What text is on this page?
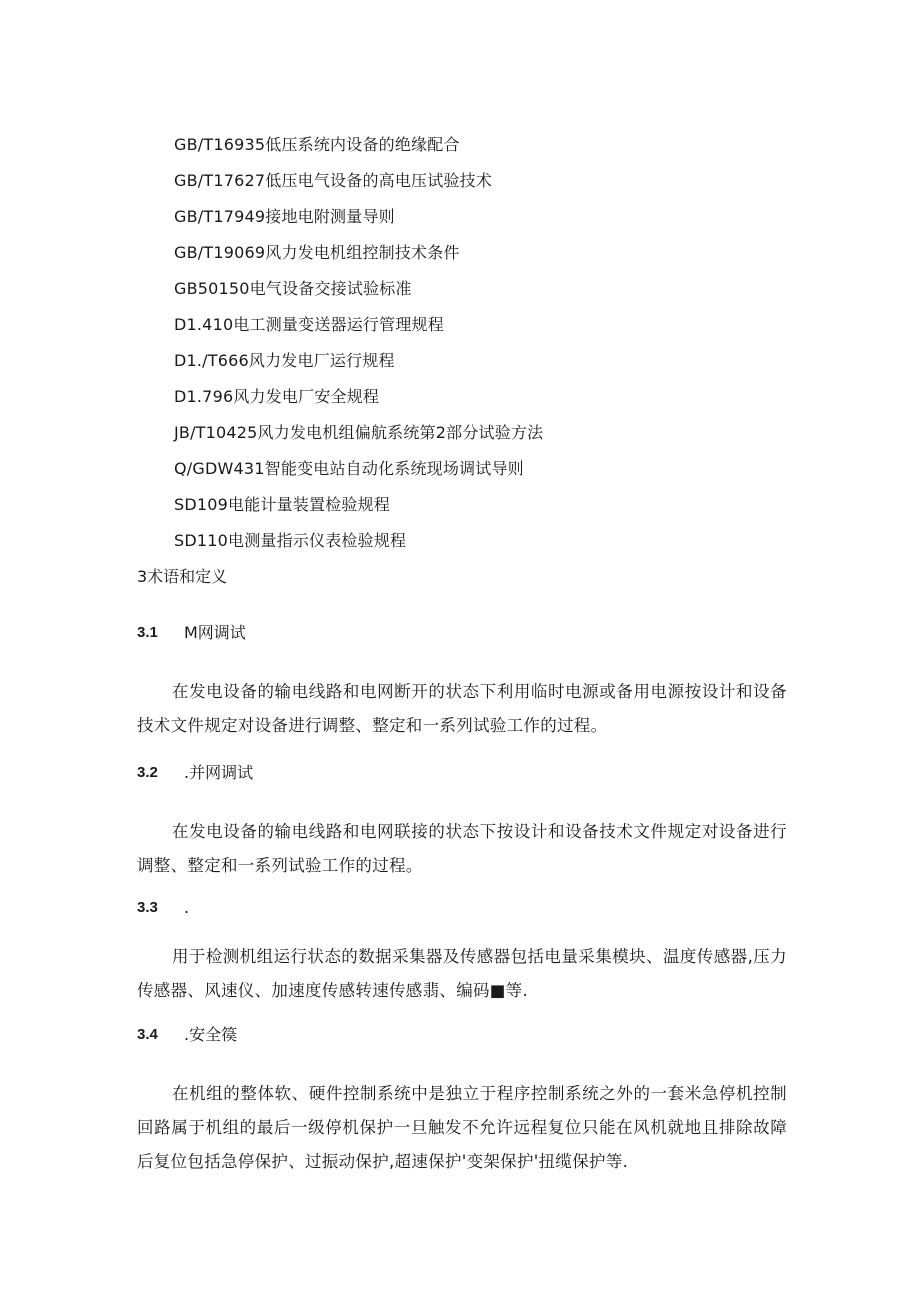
GB/T16935低压系统内设备的绝缘配合
GB/T17627低压电气设备的高电压试验技术
GB/T17949接地电附测量导则
GB/T19069风力发电机组控制技术条件
GB50150电气设备交接试验标准
D1.410电工测量变送器运行管理规程
D1./T666风力发电厂运行规程
D1.796风力发电厂安全规程
JB/T10425风力发电机组偏航系统第2部分试验方法
Q/GDW431智能变电站自动化系统现场调试导则
SD109电能计量装置检验规程
SD110电测量指示仪表检验规程
3术语和定义
3.1	M网调试

在发电设备的输电线路和电网断开的状态下利用临时电源或备用电源按设计和设备技术文件规定对设备进行调整、整定和一系列试验工作的过程。

3.2	.并网调试

在发电设备的输电线路和电网联接的状态下按设计和设备技术文件规定对设备进行调整、整定和一系列试验工作的过程。

3.3	.

用于检测机组运行状态的数据采集器及传感器包括电量采集模块、温度传感器,压力传感器、风速仪、加速度传感转速传感翡、编码■等.

3.4	.安全篌

在机组的整体软、硬件控制系统中是独立于程序控制系统之外的一套米急停机控制回路属于机组的最后一级停机保护一旦触发不允许远程复位只能在风机就地且排除故障后复位包括急停保护、过振动保护,超速保护'变架保护'扭缆保护等.
